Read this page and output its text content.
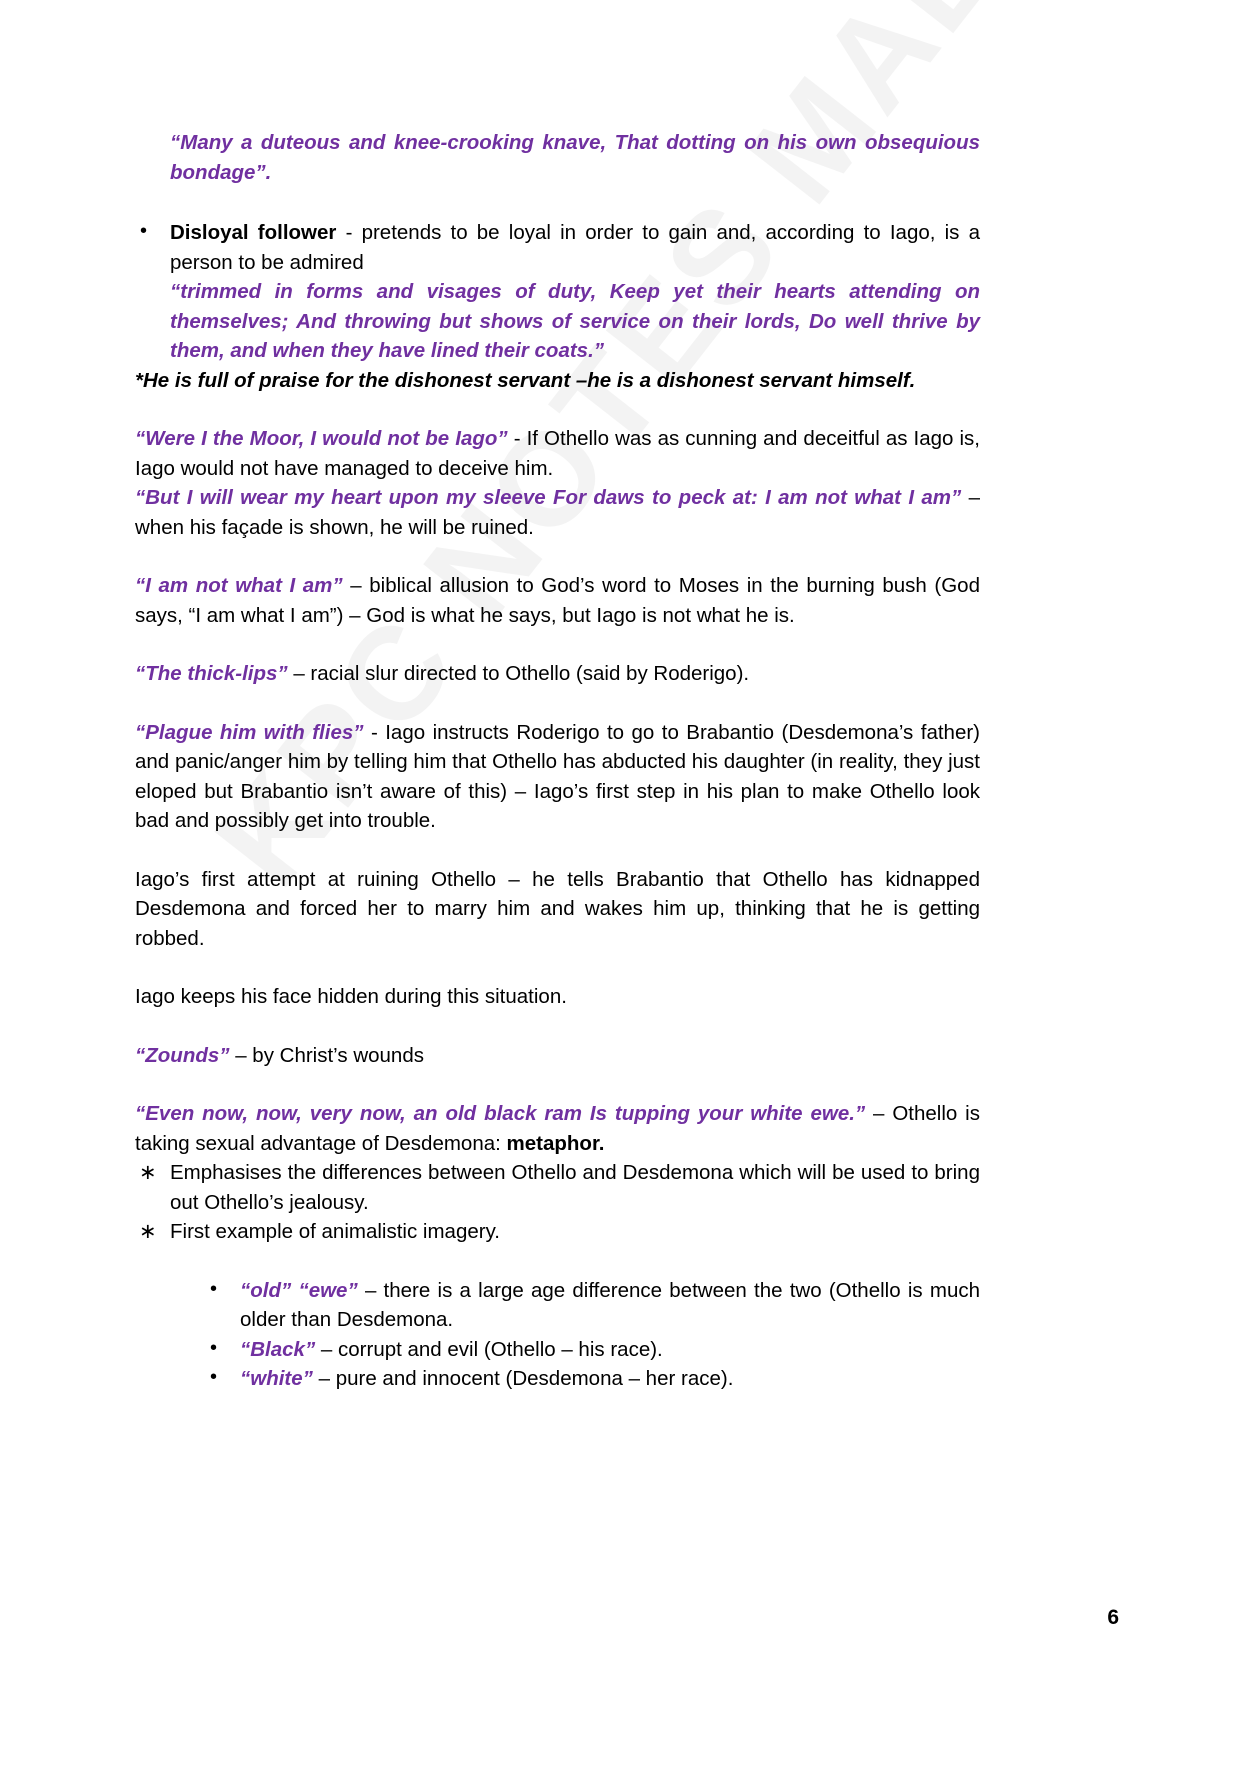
“Many a duteous and knee-crooking knave, That dotting on his own obsequious bondage”.
• Disloyal follower - pretends to be loyal in order to gain and, according to Iago, is a person to be admired
“trimmed in forms and visages of duty, Keep yet their hearts attending on themselves; And throwing but shows of service on their lords, Do well thrive by them, and when they have lined their coats.”
*He is full of praise for the dishonest servant –he is a dishonest servant himself.

“Were I the Moor, I would not be Iago” - If Othello was as cunning and deceitful as Iago is, Iago would not have managed to deceive him.

“But I will wear my heart upon my sleeve For daws to peck at: I am not what I am” – when his façade is shown, he will be ruined.

“I am not what I am” – biblical allusion to God’s word to Moses in the burning bush (God says, “I am what I am”) – God is what he says, but Iago is not what he is.

“The thick-lips” – racial slur directed to Othello (said by Roderigo).

“Plague him with flies” - Iago instructs Roderigo to go to Brabantio (Desdemona’s father) and panic/anger him by telling him that Othello has abducted his daughter (in reality, they just eloped but Brabantio isn’t aware of this) – Iago’s first step in his plan to make Othello look bad and possibly get into trouble.

Iago’s first attempt at ruining Othello – he tells Brabantio that Othello has kidnapped Desdemona and forced her to marry him and wakes him up, thinking that he is getting robbed.

Iago keeps his face hidden during this situation.

“Zounds” – by Christ’s wounds

“Even now, now, very now, an old black ram Is tupping your white ewe.” – Othello is taking sexual advantage of Desdemona: metaphor.

∗ Emphasises the differences between Othello and Desdemona which will be used to bring out Othello’s jealousy.
∗ First example of animalistic imagery.
• “old” “ewe” – there is a large age difference between the two (Othello is much older than Desdemona.
• “Black” – corrupt and evil (Othello – his race).
• “white” – pure and innocent (Desdemona – her race).
6
